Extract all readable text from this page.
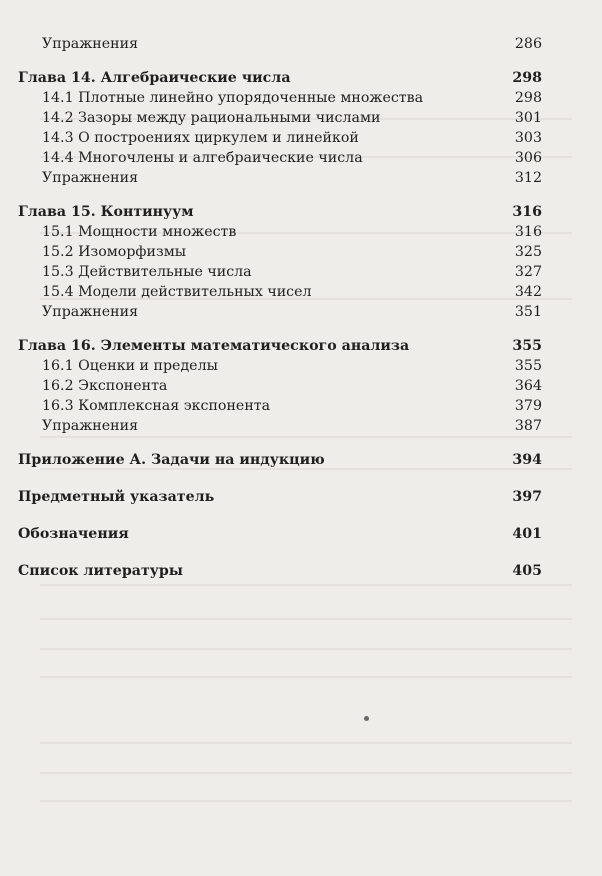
Упражнения	286
Глава 14. Алгебраические числа	298
14.1 Плотные линейно упорядоченные множества	298
14.2 Зазоры между рациональными числами	301
14.3 О построениях циркулем и линейкой	303
14.4 Многочлены и алгебраические числа	306
Упражнения	312
Глава 15. Континуум	316
15.1 Мощности множеств	316
15.2 Изоморфизмы	325
15.3 Действительные числа	327
15.4 Модели действительных чисел	342
Упражнения	351
Глава 16. Элементы математического анализа	355
16.1 Оценки и пределы	355
16.2 Экспонента	364
16.3 Комплексная экспонента	379
Упражнения	387
Приложение А. Задачи на индукцию	394
Предметный указатель	397
Обозначения	401
Список литературы	405
